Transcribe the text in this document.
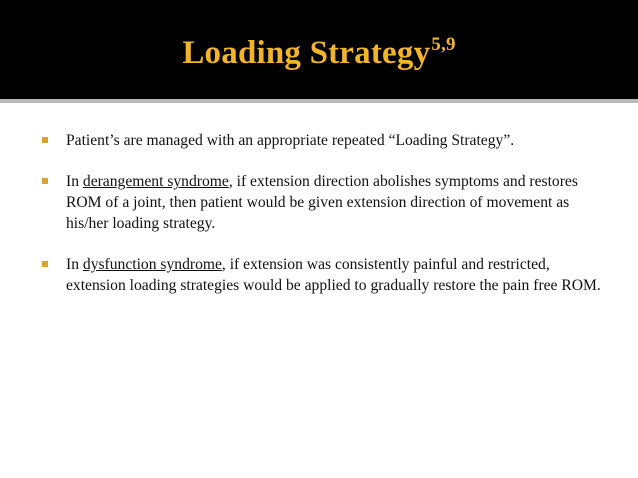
Loading Strategy$^{5,9}$
Patient’s are managed with an appropriate repeated “Loading Strategy”.
In derangement syndrome, if extension direction abolishes symptoms and restores ROM of a joint, then patient would be given extension direction of movement as his/her loading strategy.
In dysfunction syndrome, if extension was consistently painful and restricted, extension loading strategies would be applied to gradually restore the pain free ROM.
